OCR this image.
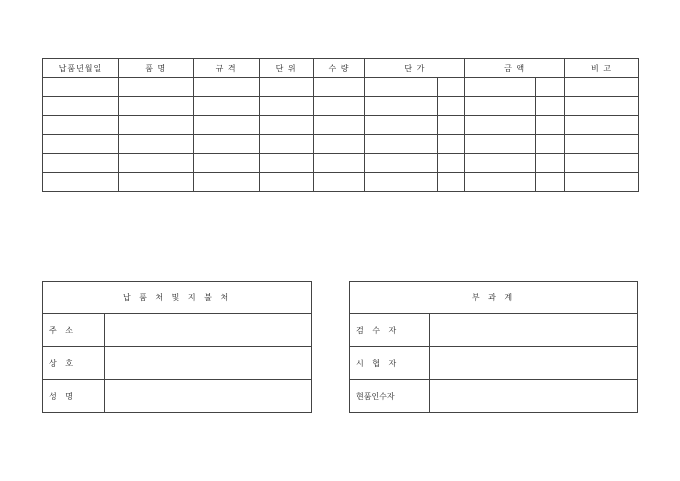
납품년월일	품 명	규 격	단 위	수 량	단 가		금 액		비 고

납 품 처 및 지 불 처	
주 소	
상 호	
성 명	
부 과 계	
검 수 자	
시 협 자	
현품인수자	
